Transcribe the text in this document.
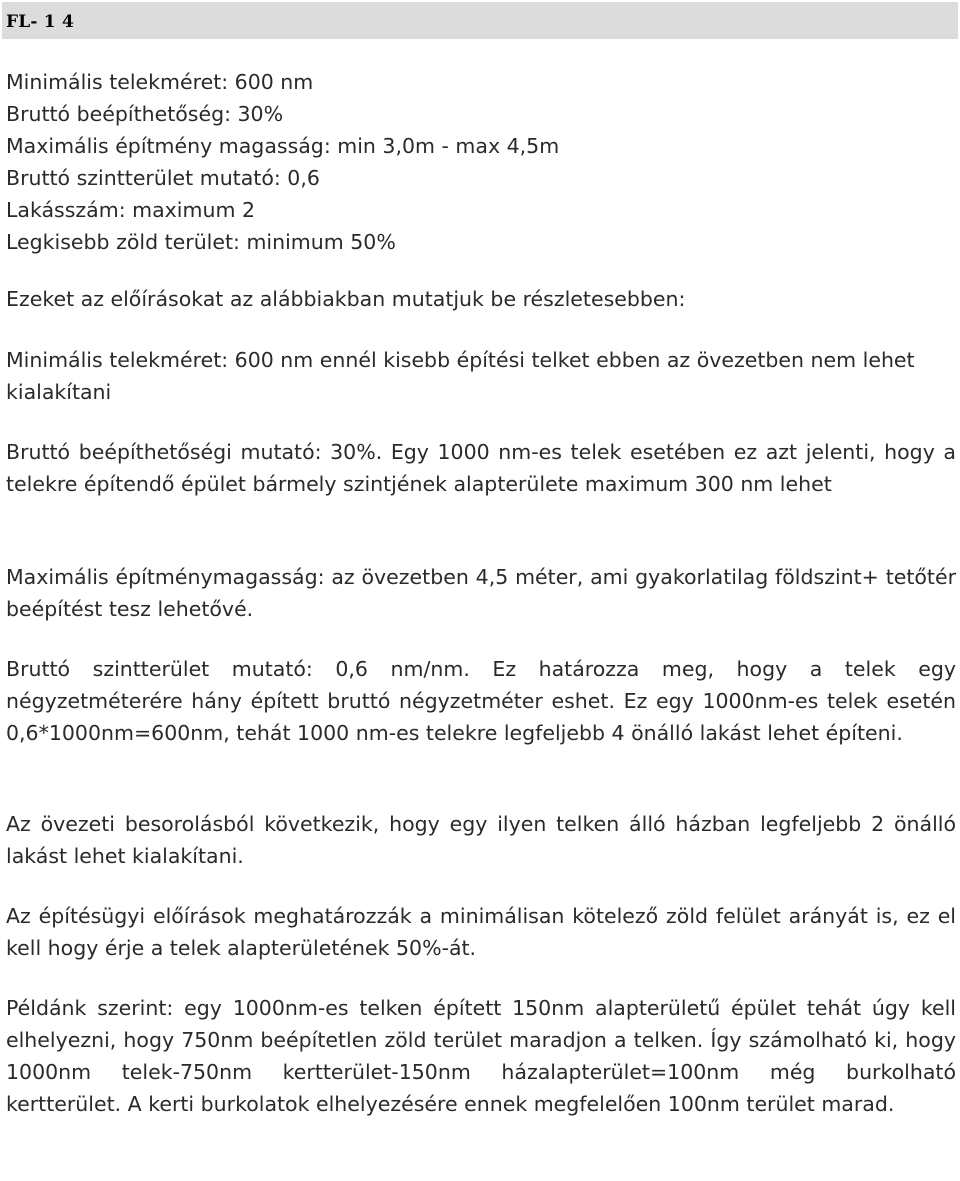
FL- 1 4
Minimális telekméret: 600 nm
Bruttó beépíthetőség: 30%
Maximális építmény magasság: min 3,0m - max 4,5m
Bruttó szintterület mutató: 0,6
Lakásszám: maximum 2
Legkisebb zöld terület: minimum 50%

Ezeket az előírásokat az alábbiakban mutatjuk be részletesebben:

Minimális telekméret: 600 nm ennél kisebb építési telket ebben az övezetben nem lehet kialakítani

Bruttó beépíthetőségi mutató: 30%. Egy 1000 nm-es telek esetében ez azt jelenti, hogy a telekre építendő épület bármely szintjének alapterülete maximum 300 nm lehet

Maximális építménymagasság: az övezetben 4,5 méter, ami gyakorlatilag földszint+ tetőtér beépítést tesz lehetővé.

Bruttó szintterület mutató: 0,6 nm/nm. Ez határozza meg, hogy a telek egy négyzetméterére hány épített bruttó négyzetméter eshet. Ez egy 1000nm-es telek esetén 0,6*1000nm=600nm, tehát 1000 nm-es telekre legfeljebb 4 önálló lakást lehet építeni.

Az övezeti besorolásból következik, hogy egy ilyen telken álló házban legfeljebb 2 önálló lakást lehet kialakítani.

Az építésügyi előírások meghatározzák a minimálisan kötelező zöld felület arányát is, ez el kell hogy érje a telek alapterületének 50%-át.

Példánk szerint: egy 1000nm-es telken épített 150nm alapterületű épület tehát úgy kell elhelyezni, hogy 750nm beépítetlen zöld terület maradjon a telken. Így számolható ki, hogy 1000nm telek-750nm kertterület-150nm házalapterület=100nm még burkolható kertterület. A kerti burkolatok elhelyezésére ennek megfelelően 100nm terület marad.
